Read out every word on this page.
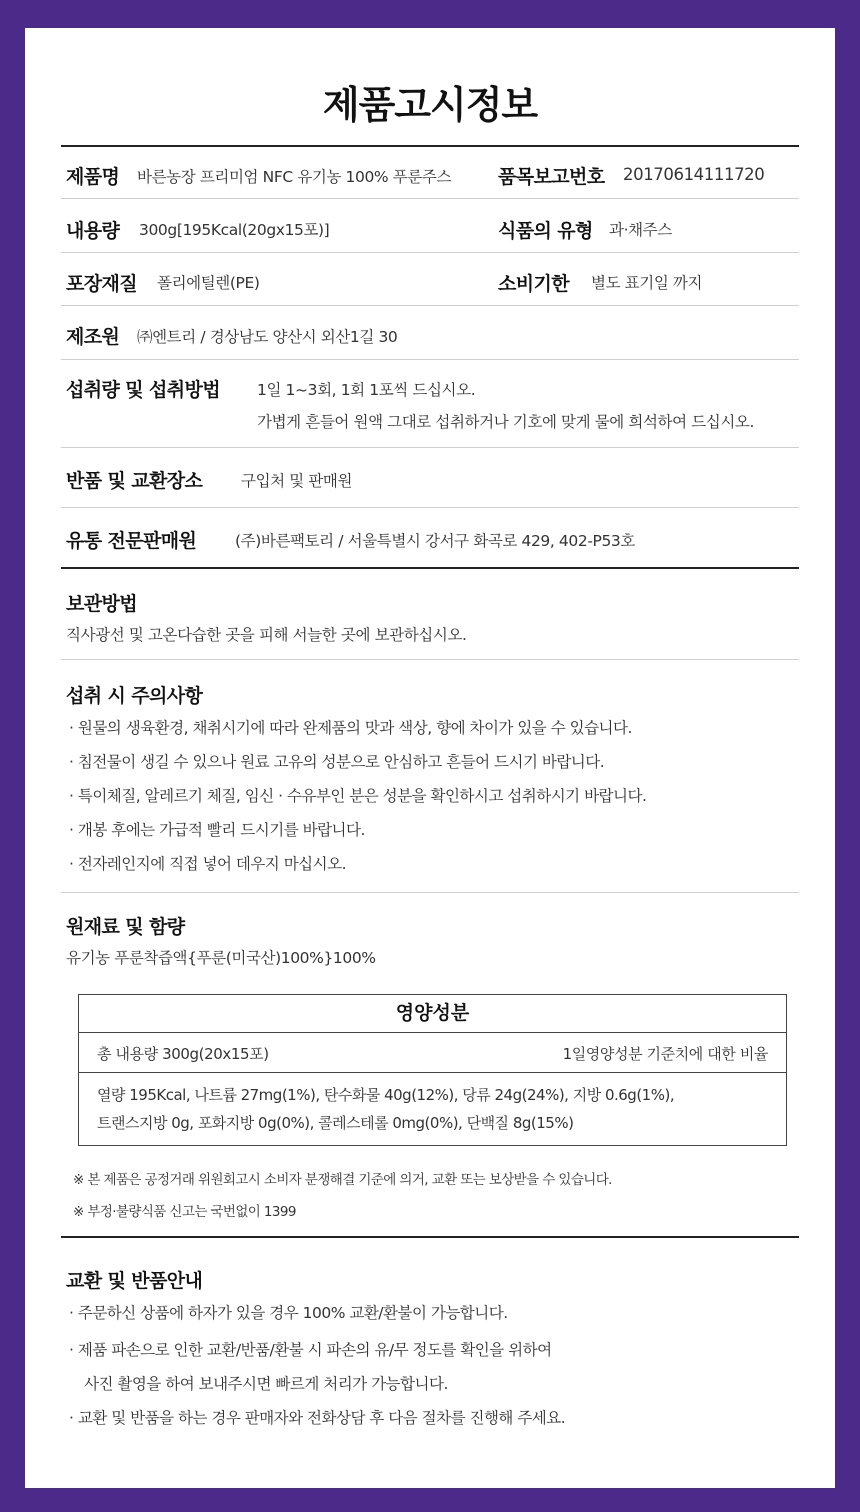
제품고시정보
제품명 바른농장 프리미엄 NFC 유기농 100% 푸룬주스 품목보고번호 20170614111720
내용량 300g[195Kcal(20gx15포)]	식품의 유형 과·채주스
포장재질 폴리에틸렌(PE)	소비기한 별도 표기일 까지
제조원 ㈜엔트리 / 경상남도 양산시 외산1길 30
섭취량 및 섭취방법 1일 1~3회, 1회 1포씩 드십시오.
가볍게 흔들어 원액 그대로 섭취하거나 기호에 맞게 물에 희석하여 드십시오.
반품 및 교환장소 구입처 및 판매원
유통 전문판매원 (주)바른팩토리 / 서울특별시 강서구 화곡로 429, 402-P53호
보관방법
직사광선 및 고온다습한 곳을 피해 서늘한 곳에 보관하십시오.
섭취 시 주의사항
· 원물의 생육환경, 채취시기에 따라 완제품의 맛과 색상, 향에 차이가 있을 수 있습니다.
· 침전물이 생길 수 있으나 원료 고유의 성분으로 안심하고 흔들어 드시기 바랍니다.
· 특이체질, 알레르기 체질, 임신 · 수유부인 분은 성분을 확인하시고 섭취하시기 바랍니다.
· 개봉 후에는 가급적 빨리 드시기를 바랍니다.
· 전자레인지에 직접 넣어 데우지 마십시오.
원재료 및 함량
유기농 푸룬착즙액{푸룬(미국산)100%}100%
영양성분
총 내용량 300g(20x15포)	1일영양성분 기준치에 대한 비율
열량 195Kcal, 나트륨 27mg(1%), 탄수화물 40g(12%), 당류 24g(24%), 지방 0.6g(1%),
트랜스지방 0g, 포화지방 0g(0%), 콜레스테롤 0mg(0%), 단백질 8g(15%)
※ 본 제품은 공정거래 위원회고시 소비자 분쟁해결 기준에 의거, 교환 또는 보상받을 수 있습니다.
※ 부정·불량식품 신고는 국번없이 1399
교환 및 반품안내
· 주문하신 상품에 하자가 있을 경우 100% 교환/환불이 가능합니다.
· 제품 파손으로 인한 교환/반품/환불 시 파손의 유/무 정도를 확인을 위하여
사진 촬영을 하여 보내주시면 빠르게 처리가 가능합니다.
· 교환 및 반품을 하는 경우 판매자와 전화상담 후 다음 절차를 진행해 주세요.
